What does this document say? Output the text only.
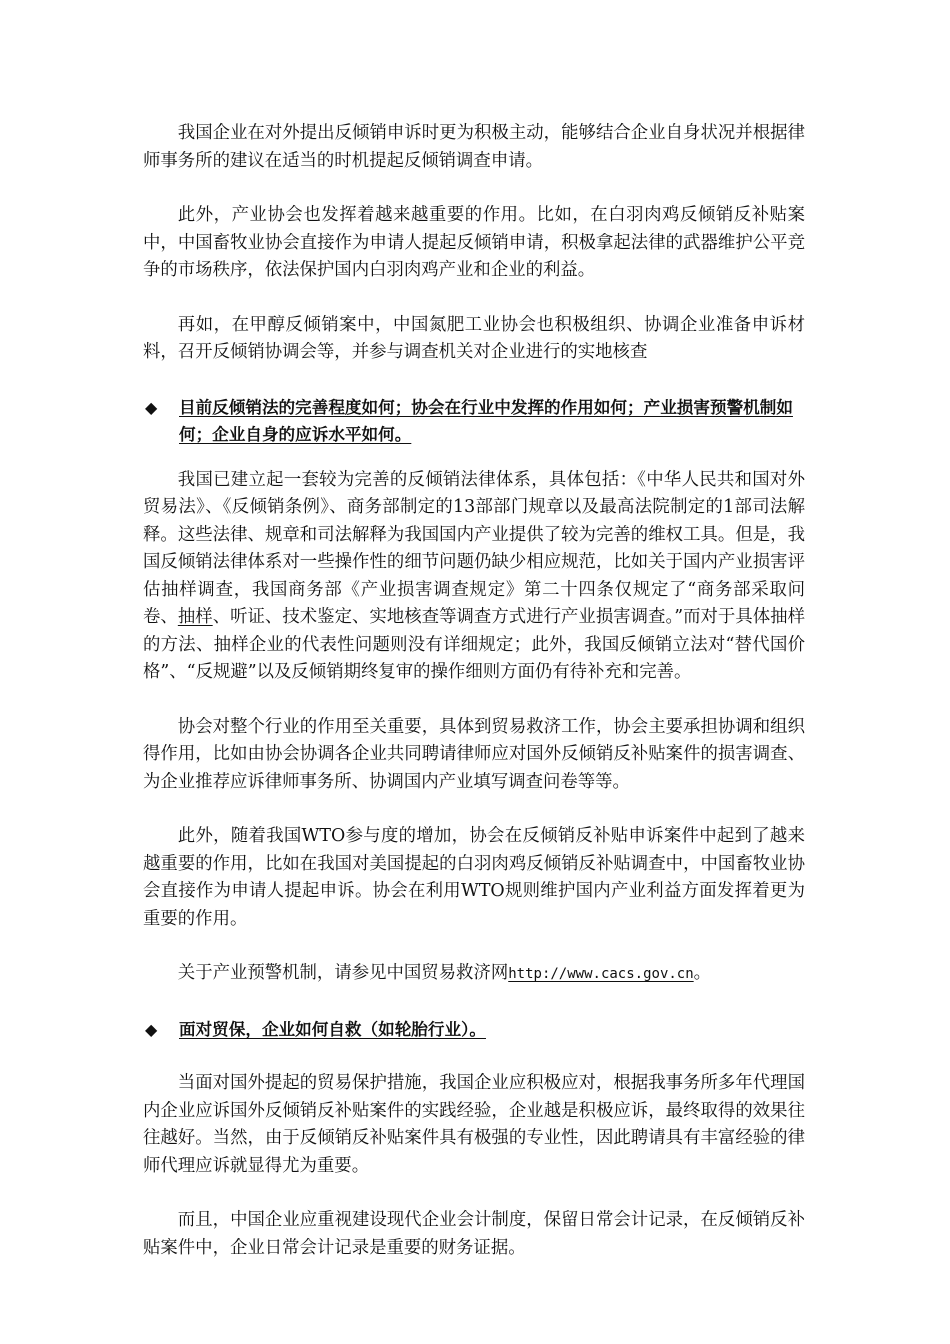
我国企业在对外提出反倾销申诉时更为积极主动，能够结合企业自身状况并根据律师事务所的建议在适当的时机提起反倾销调查申请。

此外，产业协会也发挥着越来越重要的作用。比如，在白羽肉鸡反倾销反补贴案中，中国畜牧业协会直接作为申请人提起反倾销申请，积极拿起法律的武器维护公平竞争的市场秩序，依法保护国内白羽肉鸡产业和企业的利益。

再如，在甲醇反倾销案中，中国氮肥工业协会也积极组织、协调企业准备申诉材料，召开反倾销协调会等，并参与调查机关对企业进行的实地核查

◆ 目前反倾销法的完善程度如何；协会在行业中发挥的作用如何；产业损害预警机制如何；企业自身的应诉水平如何。

我国已建立起一套较为完善的反倾销法律体系，具体包括：《中华人民共和国对外贸易法》、《反倾销条例》、商务部制定的13部部门规章以及最高法院制定的1部司法解释。这些法律、规章和司法解释为我国国内产业提供了较为完善的维权工具。但是，我国反倾销法律体系对一些操作性的细节问题仍缺少相应规范，比如关于国内产业损害评估抽样调查，我国商务部《产业损害调查规定》第二十四条仅规定了“商务部采取问卷、抽样、听证、技术鉴定、实地核查等调查方式进行产业损害调查。”而对于具体抽样的方法、抽样企业的代表性问题则没有详细规定；此外，我国反倾销立法对“替代国价格”、“反规避”以及反倾销期终复审的操作细则方面仍有待补充和完善。

协会对整个行业的作用至关重要，具体到贸易救济工作，协会主要承担协调和组织得作用，比如由协会协调各企业共同聘请律师应对国外反倾销反补贴案件的损害调查、为企业推荐应诉律师事务所、协调国内产业填写调查问卷等等。

此外，随着我国WTO参与度的增加，协会在反倾销反补贴申诉案件中起到了越来越重要的作用，比如在我国对美国提起的白羽肉鸡反倾销反补贴调查中，中国畜牧业协会直接作为申请人提起申诉。协会在利用WTO规则维护国内产业利益方面发挥着更为重要的作用。

关于产业预警机制，请参见中国贸易救济网http://www.cacs.gov.cn。

◆ 面对贸保，企业如何自救（如轮胎行业）。

当面对国外提起的贸易保护措施，我国企业应积极应对，根据我事务所多年代理国内企业应诉国外反倾销反补贴案件的实践经验，企业越是积极应诉，最终取得的效果往往越好。当然，由于反倾销反补贴案件具有极强的专业性，因此聘请具有丰富经验的律师代理应诉就显得尤为重要。

而且，中国企业应重视建设现代企业会计制度，保留日常会计记录，在反倾销反补贴案件中，企业日常会计记录是重要的财务证据。
